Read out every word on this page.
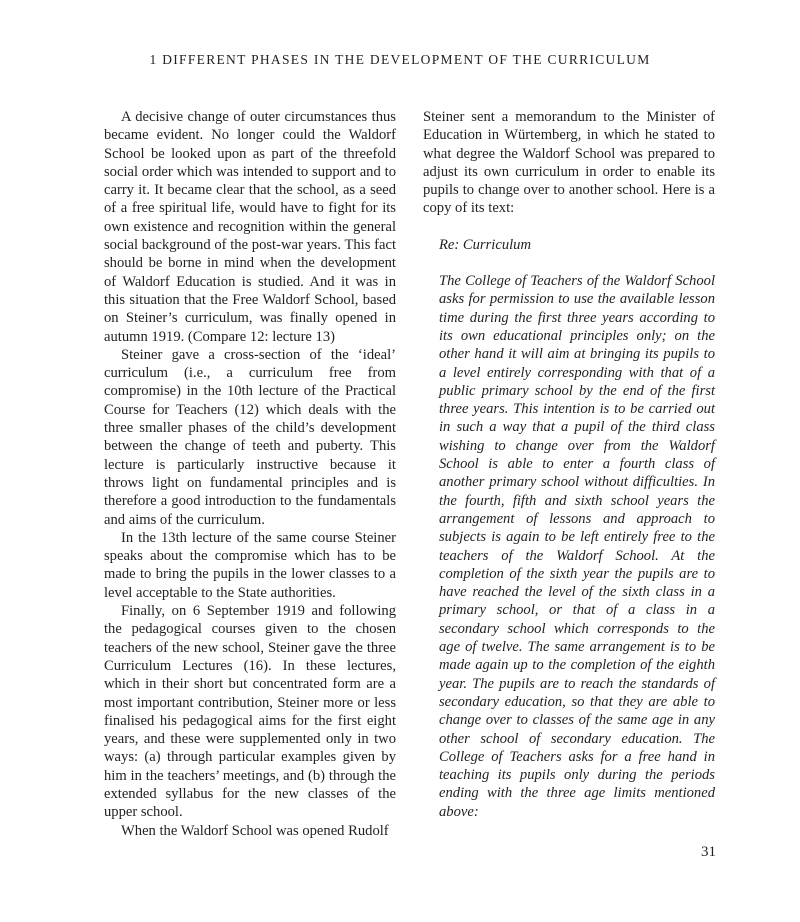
1 DIFFERENT PHASES IN THE DEVELOPMENT OF THE CURRICULUM

A decisive change of outer circumstances thus became evident. No longer could the Waldorf School be looked upon as part of the threefold social order which was intended to support and to carry it. It became clear that the school, as a seed of a free spiritual life, would have to fight for its own existence and recognition within the general social background of the post-war years. This fact should be borne in mind when the development of Waldorf Education is studied. And it was in this situation that the Free Waldorf School, based on Steiner’s curriculum, was finally opened in autumn 1919. (Compare 12: lecture 13)

Steiner gave a cross-section of the ‘ideal’ curriculum (i.e., a curriculum free from compromise) in the 10th lecture of the Practical Course for Teachers (12) which deals with the three smaller phases of the child’s development between the change of teeth and puberty. This lecture is particularly instructive because it throws light on fundamental principles and is therefore a good introduction to the fundamentals and aims of the curriculum.

In the 13th lecture of the same course Steiner speaks about the compromise which has to be made to bring the pupils in the lower classes to a level acceptable to the State authorities.

Finally, on 6 September 1919 and following the pedagogical courses given to the chosen teachers of the new school, Steiner gave the three Curriculum Lectures (16). In these lectures, which in their short but concentrated form are a most important contribution, Steiner more or less finalised his pedagogical aims for the first eight years, and these were supplemented only in two ways: (a) through particular examples given by him in the teachers’ meetings, and (b) through the extended syllabus for the new classes of the upper school.

When the Waldorf School was opened Rudolf

Steiner sent a memorandum to the Minister of Education in Würtemberg, in which he stated to what degree the Waldorf School was prepared to adjust its own curriculum in order to enable its pupils to change over to another school. Here is a copy of its text:

Re: Curriculum

The College of Teachers of the Waldorf School asks for permission to use the available lesson time during the first three years according to its own educational principles only; on the other hand it will aim at bringing its pupils to a level entirely corresponding with that of a public primary school by the end of the first three years. This intention is to be carried out in such a way that a pupil of the third class wishing to change over from the Waldorf School is able to enter a fourth class of another primary school without difficulties. In the fourth, fifth and sixth school years the arrangement of lessons and approach to subjects is again to be left entirely free to the teachers of the Waldorf School. At the completion of the sixth year the pupils are to have reached the level of the sixth class in a primary school, or that of a class in a secondary school which corresponds to the age of twelve. The same arrangement is to be made again up to the completion of the eighth year. The pupils are to reach the standards of secondary education, so that they are able to change over to classes of the same age in any other school of secondary education. The College of Teachers asks for a free hand in teaching its pupils only during the periods ending with the three age limits mentioned above:

31
